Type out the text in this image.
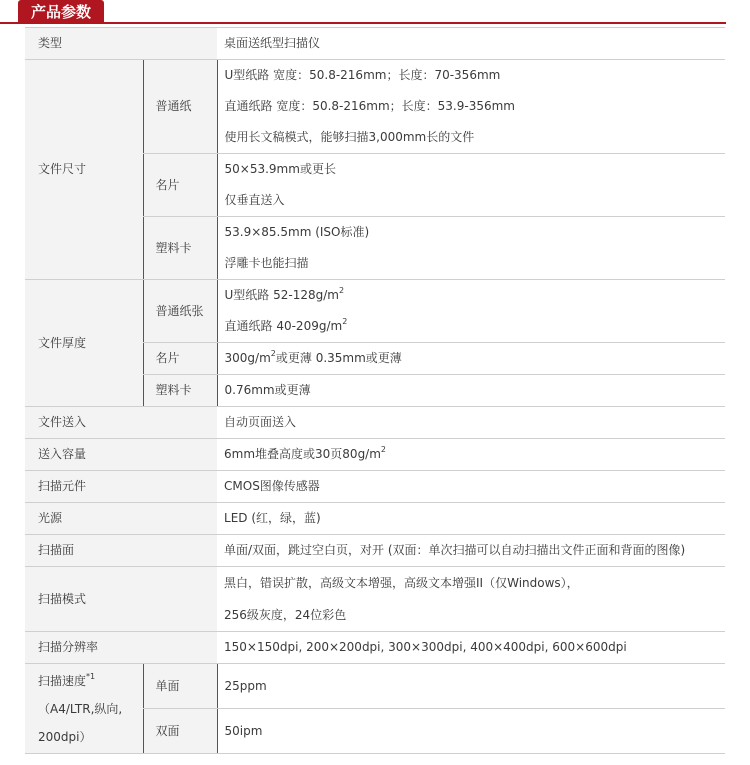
产品参数
类型		桌面送纸型扫描仪
文件尺寸	普通纸	U型纸路 宽度：50.8-216mm；长度：70-356mm
直通纸路 宽度：50.8-216mm；长度：53.9-356mm
使用长文稿模式，能够扫描3,000mm长的文件

	名片	50×53.9mm或更长
仅垂直送入

	塑料卡	53.9×85.5mm (ISO标准)
浮雕卡也能扫描

文件厚度	普通纸张	U型纸路 $52-128g/m^2$
直通纸路 $40-209g/m^2$

	名片	$300g/m^2$或更薄 0.35mm或更薄
	塑料卡	0.76mm或更薄
文件送入		自动页面送入
送入容量		6mm堆叠高度或30页$80g/m^2$
扫描元件		CMOS图像传感器
光源		LED (红，绿，蓝)
扫描面		单面/双面，跳过空白页，对开 (双面：单次扫描可以自动扫描出文件正面和背面的图像)
扫描模式		黑白，错误扩散，高级文本增强，高级文本增强II（仅Windows），
256级灰度，24位彩色

扫描分辨率		150×150dpi, 200×200dpi, 300×300dpi, 400×400dpi, 600×600dpi

扫描速度$^{*1}$
（A4/LTR,纵向,
200dpi）	单面	25ppm
	双面	50ipm
